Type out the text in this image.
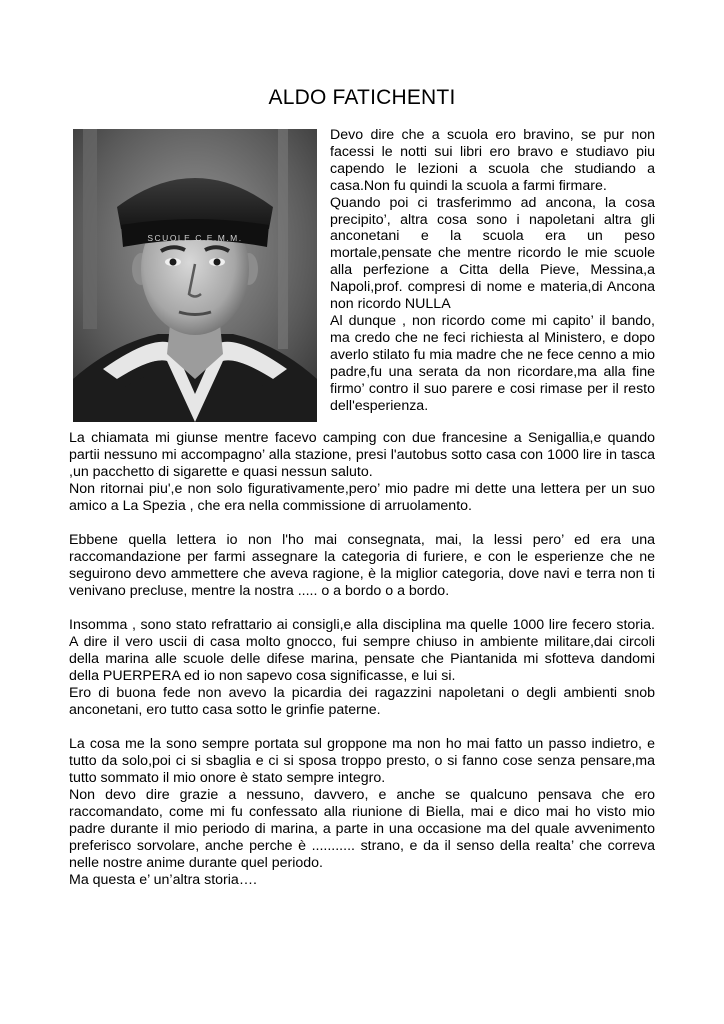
ALDO FATICHENTI
SCUOLE C.E.M.M.

Devo dire che a scuola ero bravino, se pur non facessi le notti sui libri ero bravo e studiavo piu capendo le lezioni a scuola che studiando a casa.Non fu quindi la scuola a farmi firmare.

Quando poi ci trasferimmo ad ancona, la cosa precipito’, altra cosa sono i napoletani altra gli anconetani e la scuola era un peso mortale,pensate che mentre ricordo le mie scuole alla perfezione a Citta della Pieve, Messina,a Napoli,prof. compresi di nome e materia,di Ancona non ricordo NULLA

Al dunque , non ricordo come mi capito’ il bando, ma credo che ne feci richiesta al Ministero, e dopo averlo stilato fu mia madre che ne fece cenno a mio padre,fu una serata da non ricordare,ma alla fine firmo’ contro il suo parere e cosi rimase per il resto dell'esperienza.

La chiamata mi giunse mentre facevo camping con due francesine a Senigallia,e quando partii nessuno mi accompagno’ alla stazione, presi l'autobus sotto casa con 1000 lire in tasca ,un pacchetto di sigarette e quasi nessun saluto.

Non ritornai piu',e non solo figurativamente,pero’ mio padre mi dette una lettera per un suo amico a La Spezia , che era nella commissione di arruolamento.

Ebbene quella lettera io non l'ho mai consegnata, mai, la lessi pero’ ed era una raccomandazione per farmi assegnare la categoria di furiere, e con le esperienze che ne seguirono devo ammettere che aveva ragione, è la miglior categoria, dove navi e terra non ti venivano precluse, mentre la nostra ..... o a bordo o a bordo.

Insomma , sono stato refrattario ai consigli,e alla disciplina ma quelle 1000 lire fecero storia. A dire il vero uscii di casa molto gnocco, fui sempre chiuso in ambiente militare,dai circoli della marina alle scuole delle difese marina, pensate che Piantanida mi sfotteva dandomi della PUERPERA ed io non sapevo cosa significasse, e lui si.

Ero di buona fede non avevo la picardia dei ragazzini napoletani o degli ambienti snob anconetani, ero tutto casa sotto le grinfie paterne.

La cosa me la sono sempre portata sul groppone ma non ho mai fatto un passo indietro, e tutto da solo,poi ci si sbaglia e ci si sposa troppo presto, o si fanno cose senza pensare,ma tutto sommato il mio onore è stato sempre integro.

Non devo dire grazie a nessuno, davvero, e anche se qualcuno pensava che ero raccomandato, come mi fu confessato alla riunione di Biella, mai e dico mai ho visto mio padre durante il mio periodo di marina, a parte in una occasione ma del quale avvenimento preferisco sorvolare, anche perche è ........... strano, e da il senso della realta’ che correva nelle nostre anime durante quel periodo.

Ma questa e’ un’altra storia….
